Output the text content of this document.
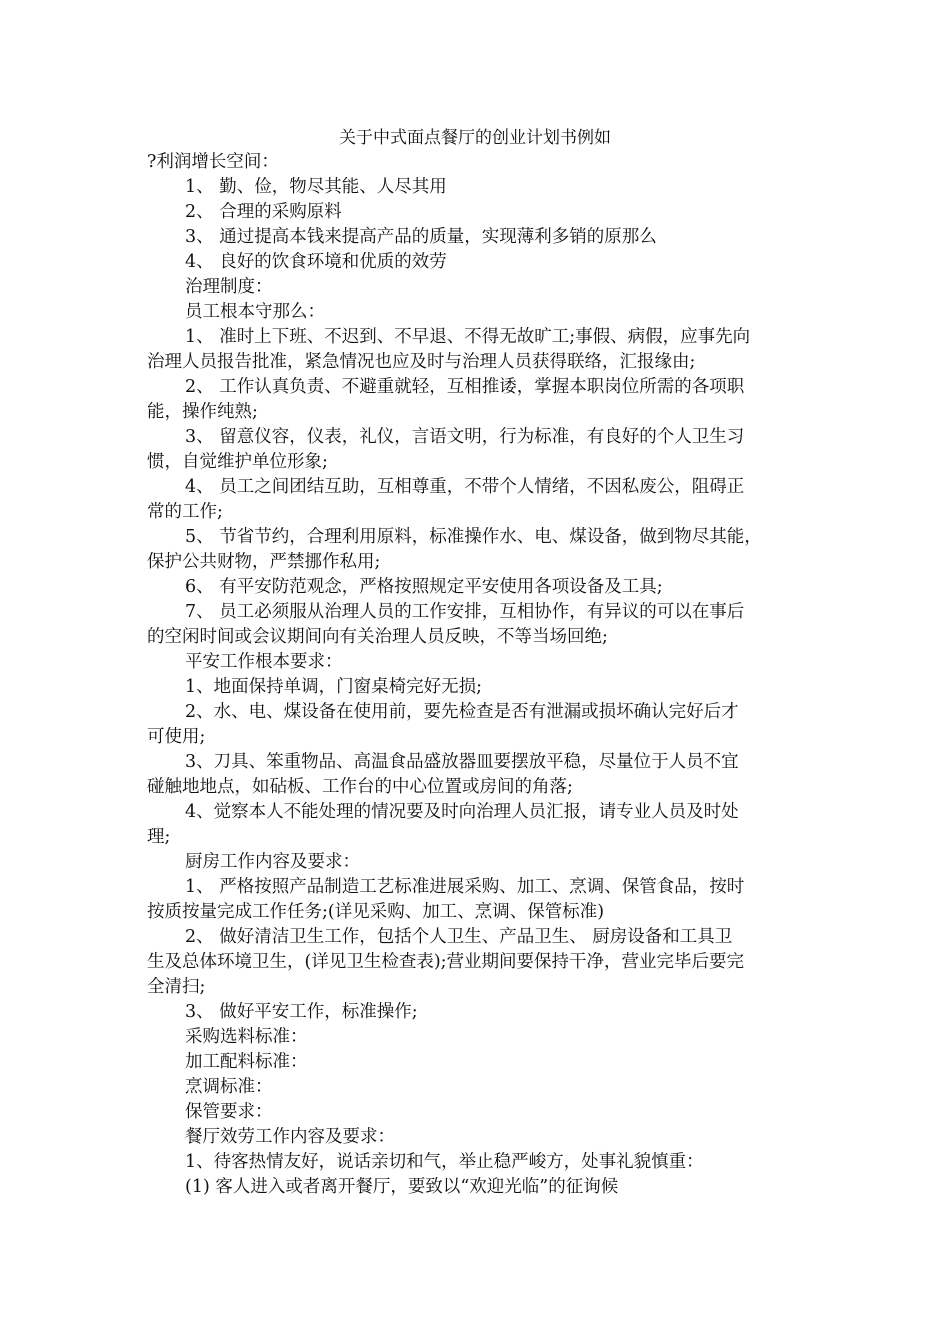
关于中式面点餐厅的创业计划书例如
?利润增长空间：
1、 勤、俭，物尽其能、人尽其用
2、 合理的采购原料
3、 通过提高本钱来提高产品的质量，实现薄利多销的原那么
4、 良好的饮食环境和优质的效劳
治理制度：
员工根本守那么：
1、 准时上下班、不迟到、不早退、不得无故旷工;事假、病假，应事先向
治理人员报告批准，紧急情况也应及时与治理人员获得联络，汇报缘由;
2、 工作认真负责、不避重就轻，互相推诿，掌握本职岗位所需的各项职
能，操作纯熟;
3、 留意仪容，仪表，礼仪，言语文明，行为标准，有良好的个人卫生习
惯，自觉维护单位形象;
4、 员工之间团结互助，互相尊重，不带个人情绪，不因私废公，阻碍正
常的工作;
5、 节省节约，合理利用原料，标准操作水、电、煤设备，做到物尽其能，
保护公共财物，严禁挪作私用;
6、 有平安防范观念，严格按照规定平安使用各项设备及工具;
7、 员工必须服从治理人员的工作安排，互相协作，有异议的可以在事后
的空闲时间或会议期间向有关治理人员反映，不等当场回绝;
平安工作根本要求：
1、地面保持单调，门窗桌椅完好无损;
2、水、电、煤设备在使用前，要先检查是否有泄漏或损坏确认完好后才
可使用;
3、刀具、笨重物品、高温食品盛放器皿要摆放平稳，尽量位于人员不宜
碰触地地点，如砧板、工作台的中心位置或房间的角落;
4、觉察本人不能处理的情况要及时向治理人员汇报，请专业人员及时处
理;
厨房工作内容及要求：
1、 严格按照产品制造工艺标准进展采购、加工、烹调、保管食品，按时
按质按量完成工作任务;(详见采购、加工、烹调、保管标准)
2、 做好清洁卫生工作，包括个人卫生、产品卫生、 厨房设备和工具卫
生及总体环境卫生，(详见卫生检查表);营业期间要保持干净，营业完毕后要完
全清扫;
3、 做好平安工作，标准操作;
采购选料标准：
加工配料标准：
烹调标准：
保管要求：
餐厅效劳工作内容及要求：
1、待客热情友好，说话亲切和气，举止稳严峻方，处事礼貌慎重：
(1) 客人进入或者离开餐厅，要致以“欢迎光临”的征询候
